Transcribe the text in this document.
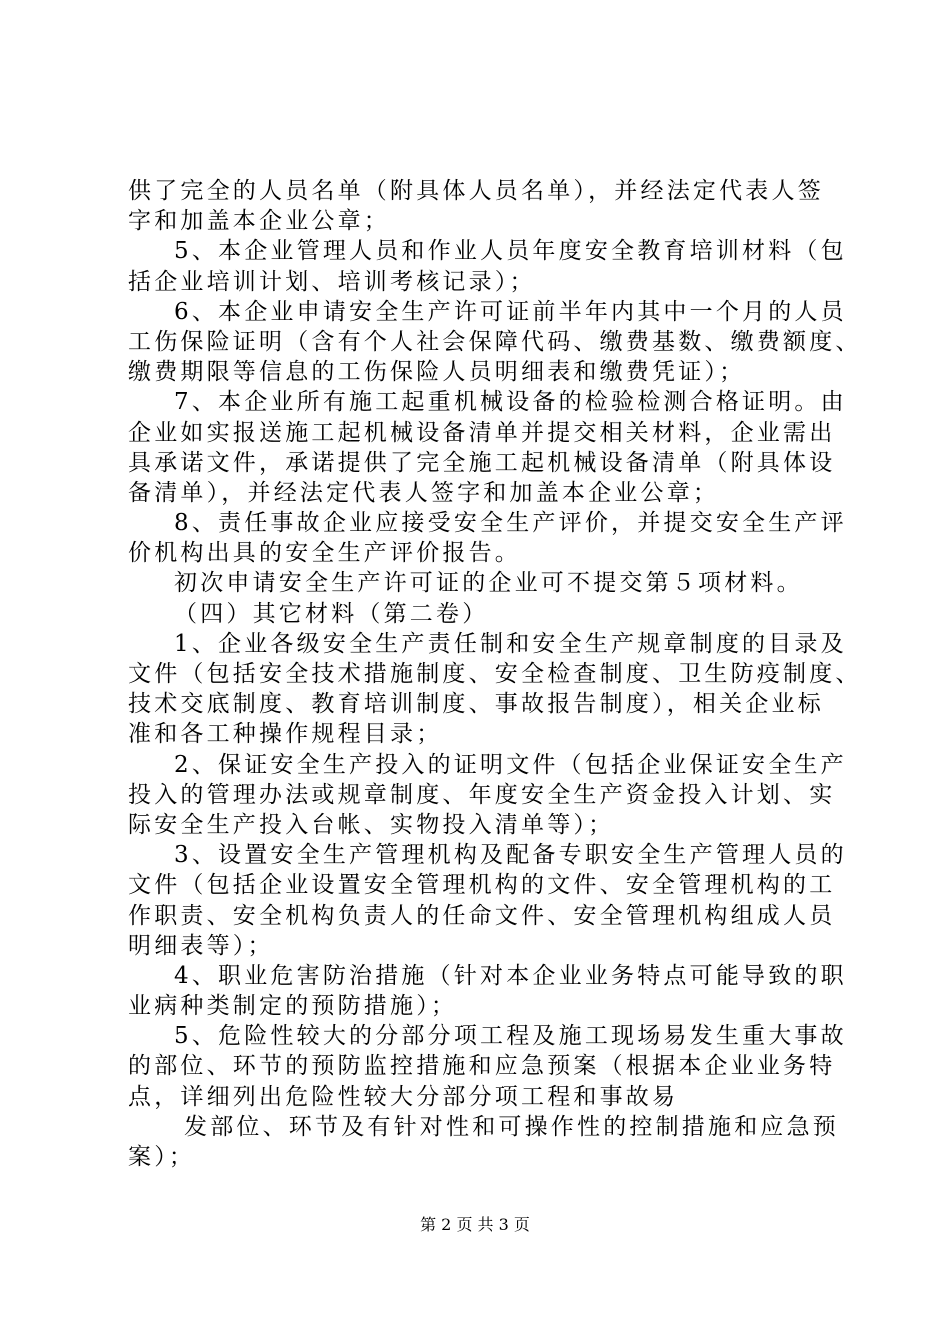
供了完全的人员名单（附具体人员名单），并经法定代表人签
字和加盖本企业公章；
5、本企业管理人员和作业人员年度安全教育培训材料（包
括企业培训计划、培训考核记录）；
6、本企业申请安全生产许可证前半年内其中一个月的人员
工伤保险证明（含有个人社会保障代码、缴费基数、缴费额度、
缴费期限等信息的工伤保险人员明细表和缴费凭证）；
7、本企业所有施工起重机械设备的检验检测合格证明。由
企业如实报送施工起机械设备清单并提交相关材料，企业需出
具承诺文件，承诺提供了完全施工起机械设备清单（附具体设
备清单），并经法定代表人签字和加盖本企业公章；
8、责任事故企业应接受安全生产评价，并提交安全生产评
价机构出具的安全生产评价报告。
初次申请安全生产许可证的企业可不提交第５项材料。
（四）其它材料（第二卷）
1、企业各级安全生产责任制和安全生产规章制度的目录及
文件（包括安全技术措施制度、安全检查制度、卫生防疫制度、
技术交底制度、教育培训制度、事故报告制度），相关企业标
准和各工种操作规程目录；
2、保证安全生产投入的证明文件（包括企业保证安全生产
投入的管理办法或规章制度、年度安全生产资金投入计划、实
际安全生产投入台帐、实物投入清单等）；
3、设置安全生产管理机构及配备专职安全生产管理人员的
文件（包括企业设置安全管理机构的文件、安全管理机构的工
作职责、安全机构负责人的任命文件、安全管理机构组成人员
明细表等）；
4、职业危害防治措施（针对本企业业务特点可能导致的职
业病种类制定的预防措施）；
5、危险性较大的分部分项工程及施工现场易发生重大事故
的部位、环节的预防监控措施和应急预案（根据本企业业务特
点，详细列出危险性较大分部分项工程和事故易
发部位、环节及有针对性和可操作性的控制措施和应急预
案）；
第 2 页 共 3 页
